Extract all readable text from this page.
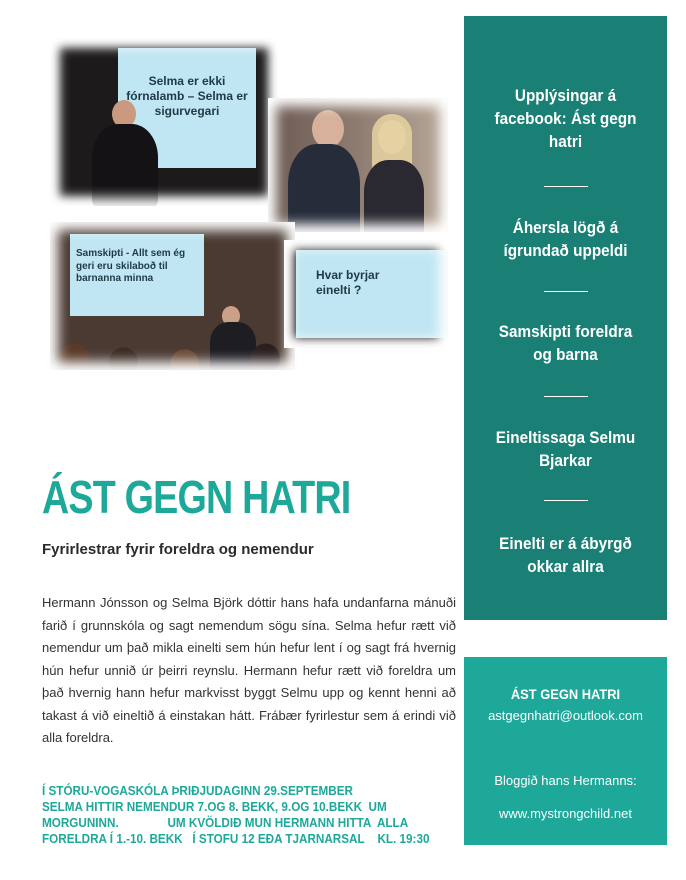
Selma er ekki fórnalamb – Selma er sigurvegari
Samskipti - Allt sem ég geri eru skilaboð til barnanna minna	Hvar byrjar einelti ?
ÁST GEGN HATRI
Fyrirlestrar fyrir foreldra og nemendur
Hermann Jónsson og Selma Björk dóttir hans hafa undanfarna mánuði farið í grunnskóla og sagt nemendum sögu sína. Selma hefur rætt við nemendur um það mikla einelti sem hún hefur lent í og sagt frá hvernig hún hefur unnið úr þeirri reynslu. Hermann hefur rætt við foreldra um það hvernig hann hefur markvisst byggt Selmu upp og kennt henni að takast á við eineltið á einstakan hátt. Frábær fyrirlestur sem á erindi við alla foreldra.
Í STÓRU-VOGASKÓLA ÞRIÐJUDAGINN 29.SEPTEMBER
SELMA HITTIR NEMENDUR 7.OG 8. BEKK, 9.OG 10.BEKK  UM
MORGUNINN.               UM KVÖLDIÐ MUN HERMANN HITTA  ALLA
FORELDRA Í 1.-10. BEKK   Í STOFU 12 EÐA TJARNARSAL    KL. 19:30
Upplýsingar á facebook: Ást gegn hatri
Áhersla lögð á ígrundað uppeldi
Samskipti foreldra og barna
Eineltissaga Selmu Bjarkar
Einelti er á ábyrgð okkar allra
ÁST GEGN HATRI
astgegnhatri@outlook.com
Bloggið hans Hermanns:
www.mystrongchild.net
